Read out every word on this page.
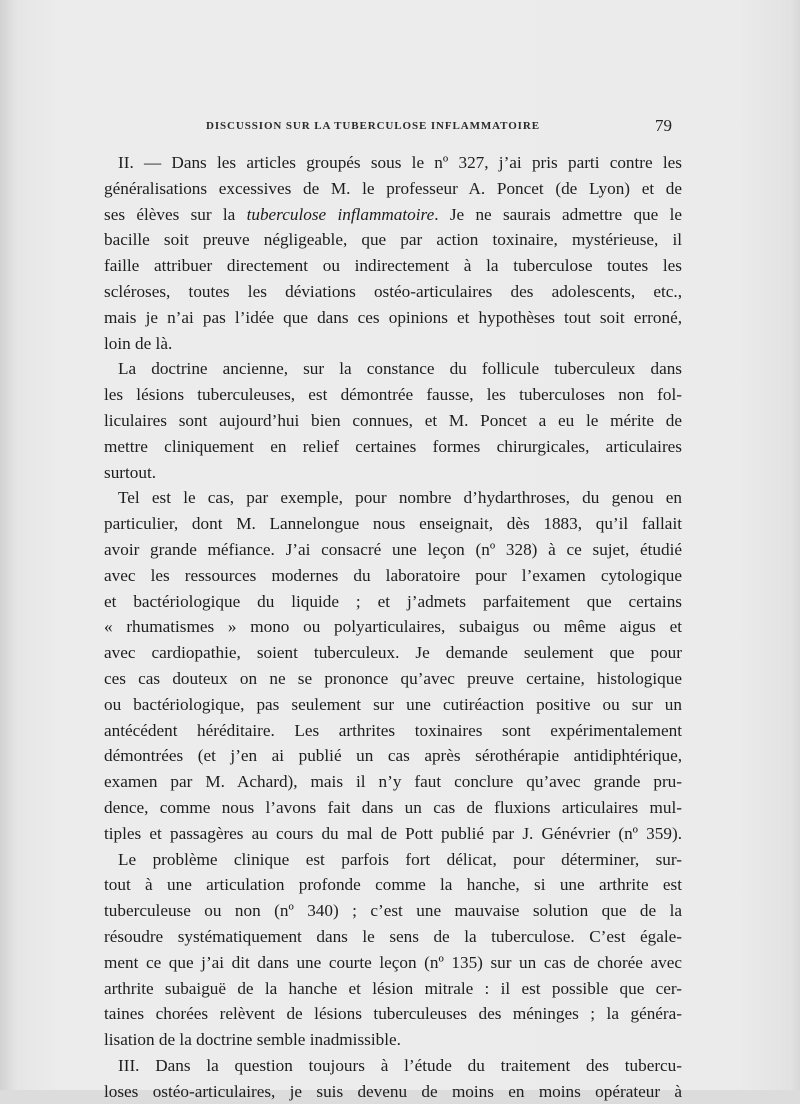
DISCUSSION SUR LA TUBERCULOSE INFLAMMATOIRE	79
II. — Dans les articles groupés sous le nº 327, j’ai pris parti contre les
généralisations excessives de M. le professeur A. Poncet (de Lyon) et de
ses élèves sur la tuberculose inflammatoire. Je ne saurais admettre que le
bacille soit preuve négligeable, que par action toxinaire, mystérieuse, il
faille attribuer directement ou indirectement à la tuberculose toutes les
scléroses, toutes les déviations ostéo-articulaires des adolescents, etc.,
mais je n’ai pas l’idée que dans ces opinions et hypothèses tout soit erroné,
loin de là.
La doctrine ancienne, sur la constance du follicule tuberculeux dans
les lésions tuberculeuses, est démontrée fausse, les tuberculoses non fol-
liculaires sont aujourd’hui bien connues, et M. Poncet a eu le mérite de
mettre cliniquement en relief certaines formes chirurgicales, articulaires
surtout.
Tel est le cas, par exemple, pour nombre d’hydarthroses, du genou en
particulier, dont M. Lannelongue nous enseignait, dès 1883, qu’il fallait
avoir grande méfiance. J’ai consacré une leçon (nº 328) à ce sujet, étudié
avec les ressources modernes du laboratoire pour l’examen cytologique
et bactériologique du liquide ; et j’admets parfaitement que certains
« rhumatismes » mono ou polyarticulaires, subaigus ou même aigus et
avec cardiopathie, soient tuberculeux. Je demande seulement que pour
ces cas douteux on ne se prononce qu’avec preuve certaine, histologique
ou bactériologique, pas seulement sur une cutiréaction positive ou sur un
antécédent héréditaire. Les arthrites toxinaires sont expérimentalement
démontrées (et j’en ai publié un cas après sérothérapie antidiphtérique,
examen par M. Achard), mais il n’y faut conclure qu’avec grande pru-
dence, comme nous l’avons fait dans un cas de fluxions articulaires mul-
tiples et passagères au cours du mal de Pott publié par J. Génévrier (nº 359).
Le problème clinique est parfois fort délicat, pour déterminer, sur-
tout à une articulation profonde comme la hanche, si une arthrite est
tuberculeuse ou non (nº 340) ; c’est une mauvaise solution que de la
résoudre systématiquement dans le sens de la tuberculose. C’est égale-
ment ce que j’ai dit dans une courte leçon (nº 135) sur un cas de chorée avec
arthrite subaiguë de la hanche et lésion mitrale : il est possible que cer-
taines chorées relèvent de lésions tuberculeuses des méninges ; la généra-
lisation de la doctrine semble inadmissible.
III. Dans la question toujours à l’étude du traitement des tubercu-
loses ostéo-articulaires, je suis devenu de moins en moins opérateur à
